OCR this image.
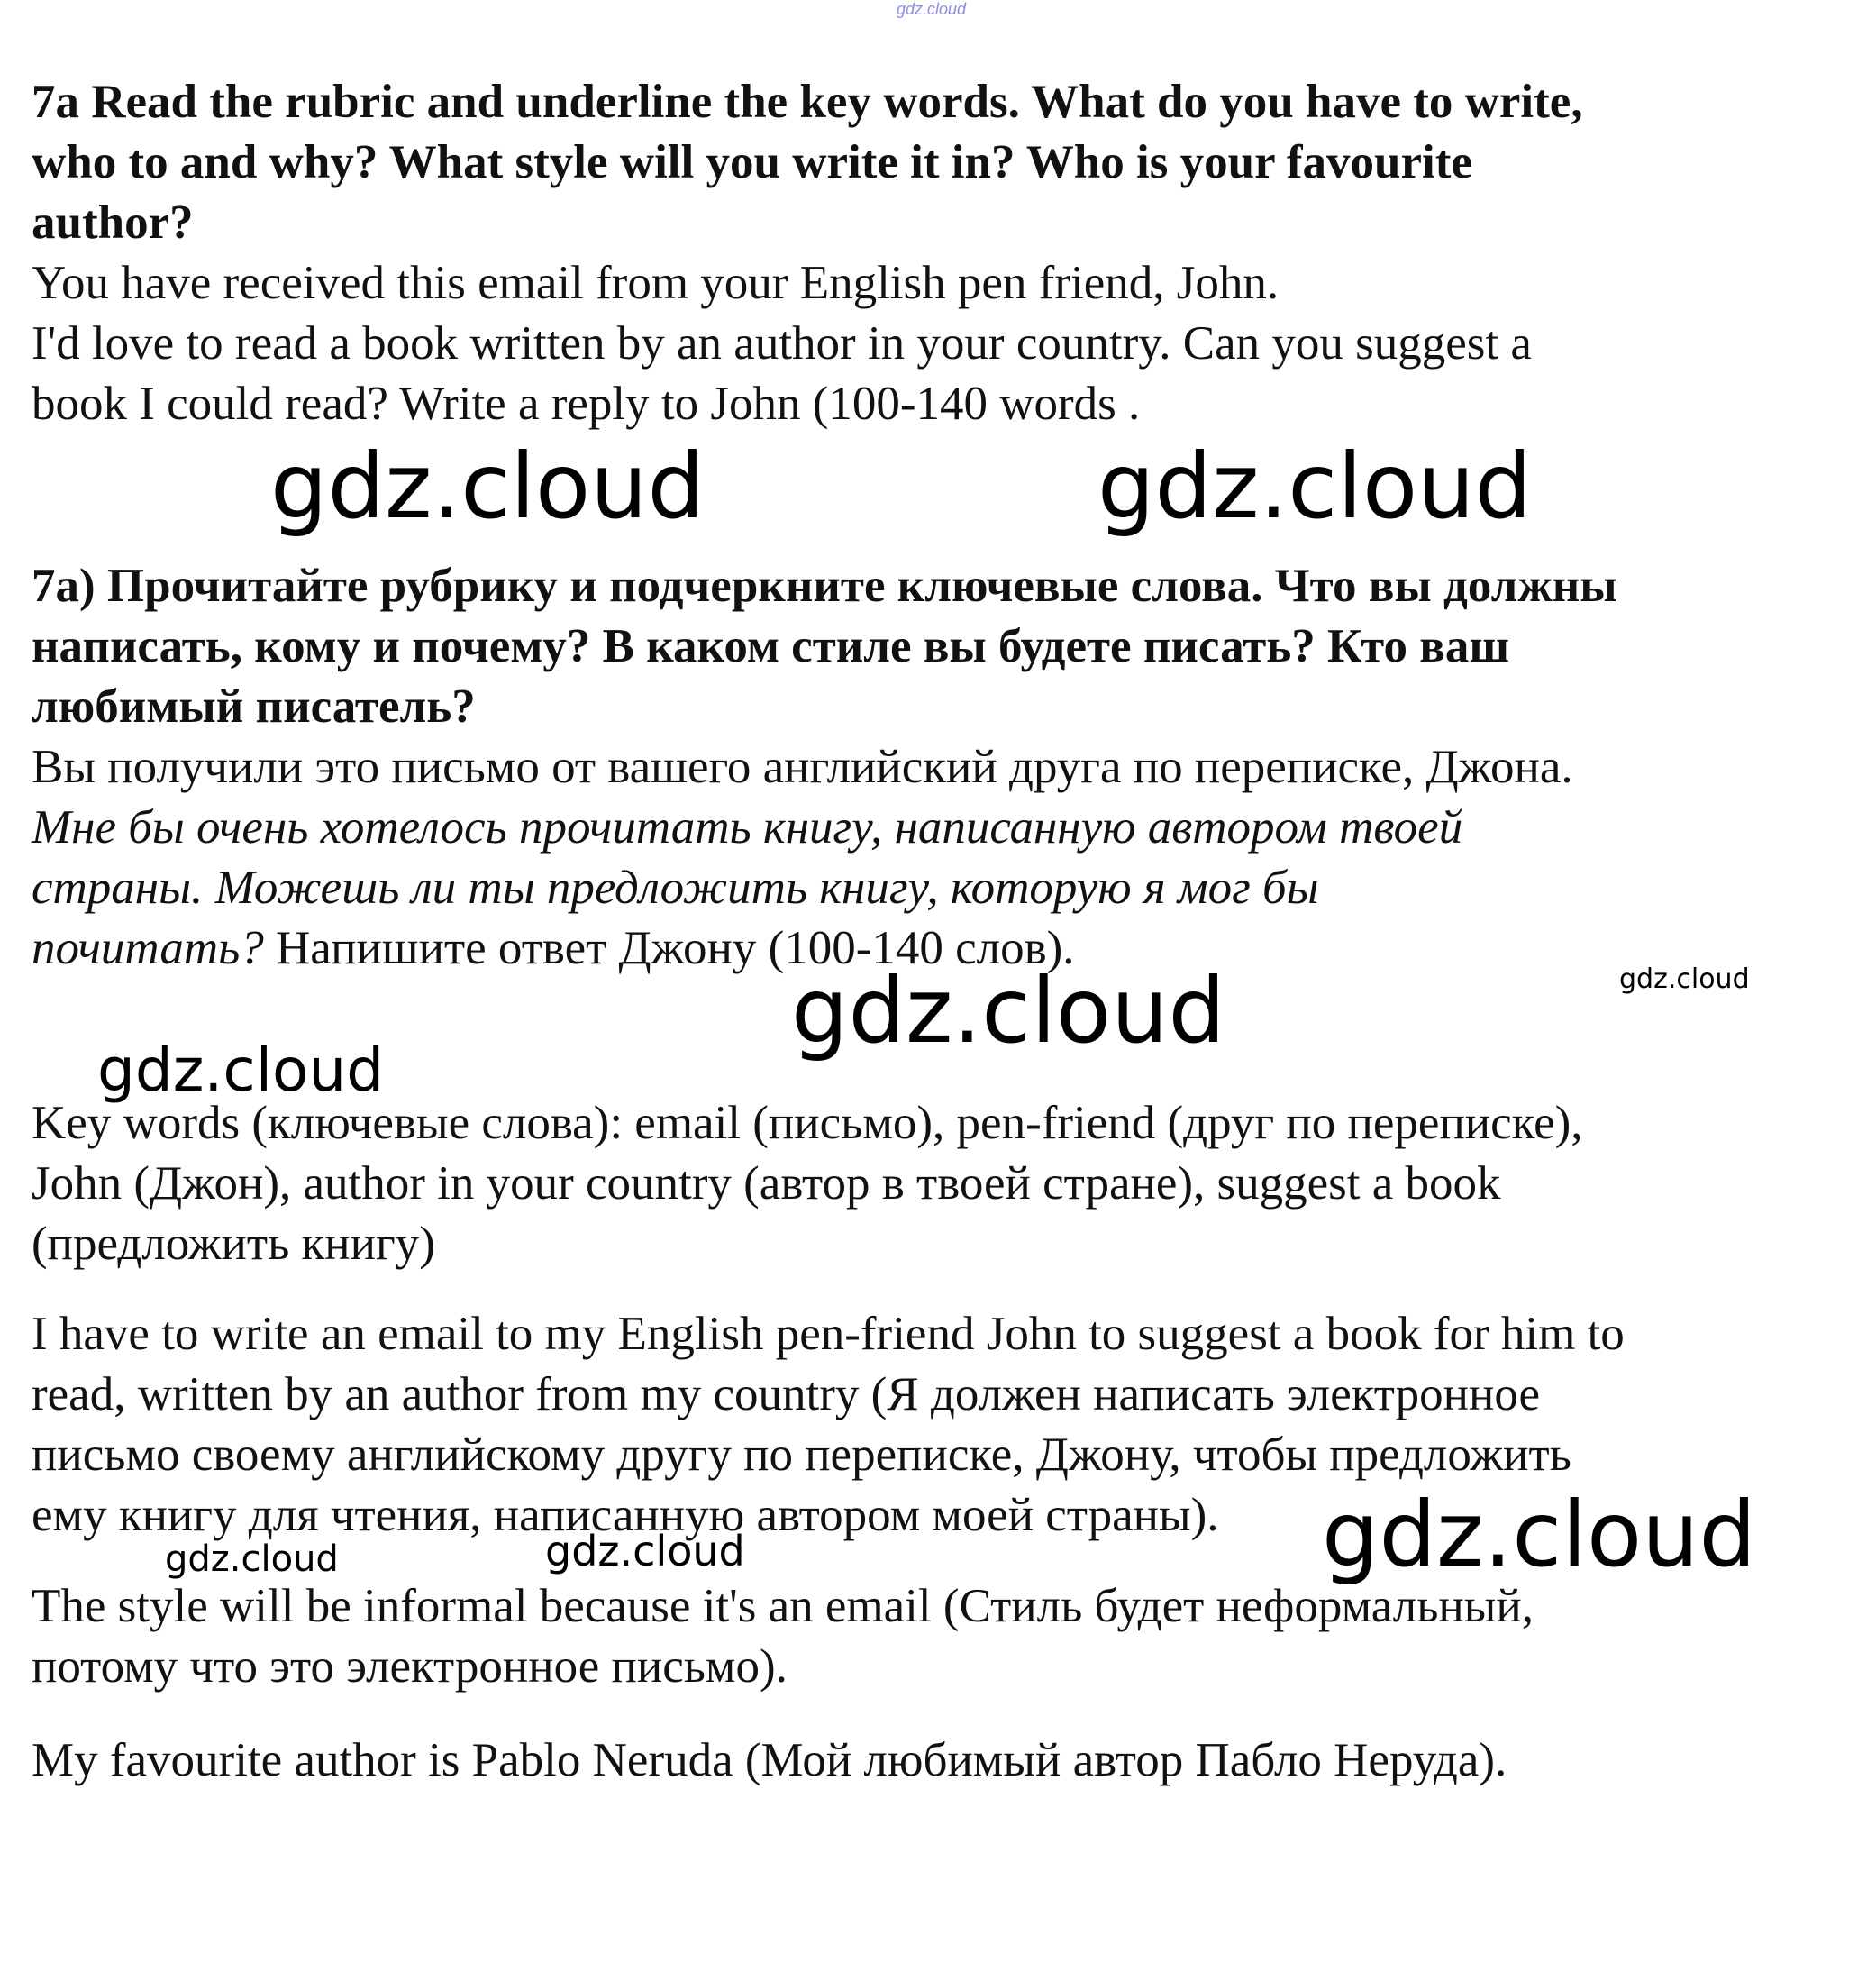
gdz.cloud
7a Read the rubric and underline the key words. What do you have to write,
who to and why? What style will you write it in? Who is your favourite
author?
You have received this email from your English pen friend, John.
I'd love to read a book written by an author in your country. Can you suggest a
book I could read? Write a reply to John (100-140 words .
gdz.cloud	gdz.cloud
7а) Прочитайте рубрику и подчеркните ключевые слова. Что вы должны
написать, кому и почему? В каком стиле вы будете писать? Кто ваш
любимый писатель?
Вы получили это письмо от вашего английский друга по переписке, Джона.
Мне бы очень хотелось прочитать книгу, написанную автором твоей
страны. Можешь ли ты предложить книгу, которую я мог бы
почитать? Напишите ответ Джону (100-140 слов).
gdz.cloud	gdz.cloud
gdz.cloud
Key words (ключевые слова): email (письмо), pen-friend (друг по переписке),
John (Джон), author in your country (автор в твоей стране), suggest a book
(предложить книгу)
I have to write an email to my English pen-friend John to suggest a book for him to
read, written by an author from my country (Я должен написать электронное
письмо своему английскому другу по переписке, Джону, чтобы предложить
ему книгу для чтения, написанную автором моей страны).	gdz.cloud
gdz.cloud	gdz.cloud
The style will be informal because it's an email (Стиль будет неформальный,
потому что это электронное письмо).
My favourite author is Pablo Neruda (Мой любимый автор Пабло Неруда).
